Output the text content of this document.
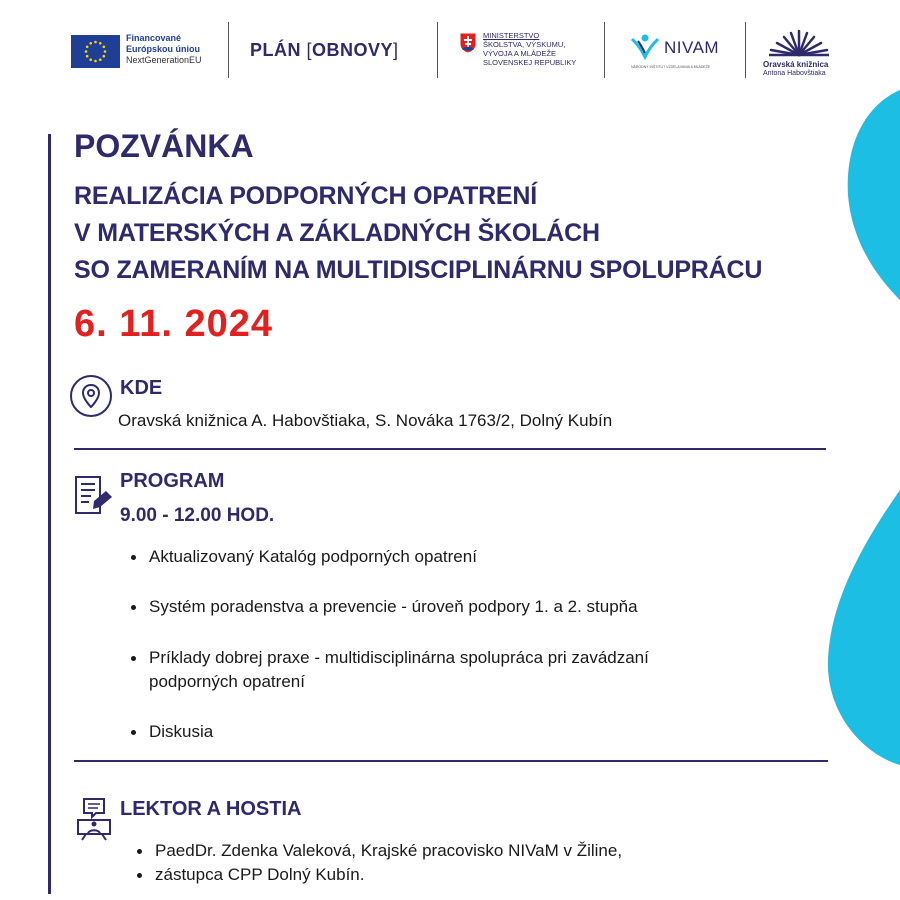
Financované
Európskou úniou
NextGenerationEU	PLÁN [OBNOVY]
MINISTERSTVO
ŠKOLSTVA, VÝSKUMU,
VÝVOJA A MLÁDEŽE
SLOVENSKEJ REPUBLIKY
NIVAM
NÁRODNÝ INŠTITÚT VZDELÁVANIA A MLÁDEŽE	Oravská knižnica
Antona Habovštiaka
POZVÁNKA
REALIZÁCIA PODPORNÝCH OPATRENÍ
V MATERSKÝCH A ZÁKLADNÝCH ŠKOLÁCH
SO ZAMERANÍM NA MULTIDISCIPLINÁRNU SPOLUPRÁCU
6. 11. 2024
KDE
Oravská knižnica A. Habovštiaka, S. Nováka 1763/2, Dolný Kubín
PROGRAM
9.00 - 12.00 HOD.
Aktualizovaný Katalóg podporných opatrení
Systém poradenstva a prevencie - úroveň podpory 1. a 2. stupňa
Príklady dobrej praxe - multidisciplinárna spolupráca pri zavádzaní
podporných opatrení
Diskusia
LEKTOR A HOSTIA
PaedDr. Zdenka Valeková, Krajské pracovisko NIVaM v Žiline,
zástupca CPP Dolný Kubín.
